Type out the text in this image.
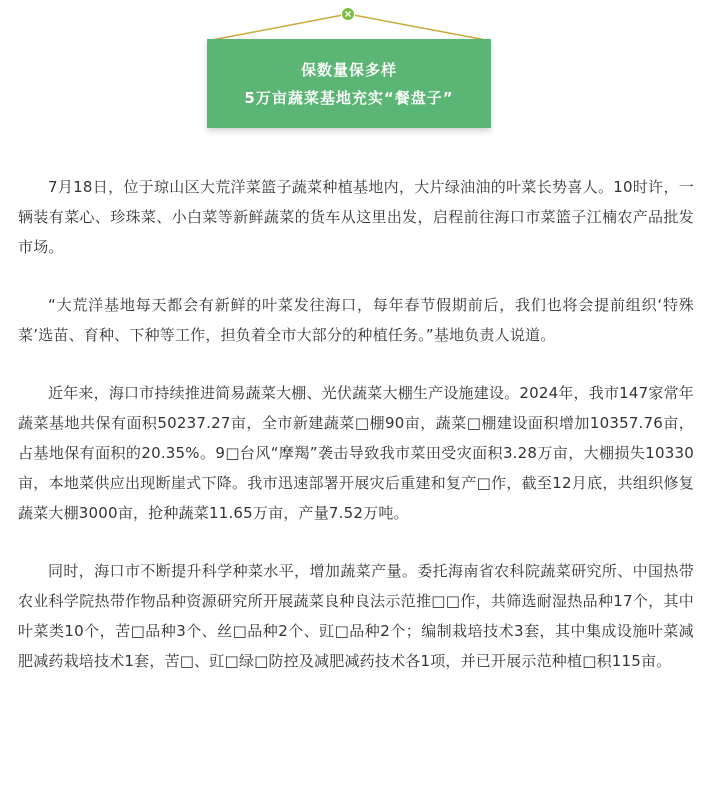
保数量保多样
5万亩蔬菜基地充实“餐盘子”

7月18日，位于琼山区大荒洋菜篮子蔬菜种植基地内，大片绿油油的叶菜长势喜人。10时许，一辆装有菜心、珍珠菜、小白菜等新鲜蔬菜的货车从这里出发，启程前往海口市菜篮子江楠农产品批发市场。

“大荒洋基地每天都会有新鲜的叶菜发往海口，每年春节假期前后，我们也将会提前组织‘特殊菜’选苗、育种、下种等工作，担负着全市大部分的种植任务。”基地负责人说道。

近年来，海口市持续推进简易蔬菜大棚、光伏蔬菜大棚生产设施建设。2024年，我市147家常年蔬菜基地共保有面积50237.27亩，全市新建蔬菜□棚90亩，蔬菜□棚建设面积增加10357.76亩，占基地保有面积的20.35%。9□台风“摩羯”袭击导致我市菜田受灾面积3.28万亩，大棚损失10330亩，本地菜供应出现断崖式下降。我市迅速部署开展灾后重建和复产□作，截至12月底，共组织修复蔬菜大棚3000亩，抢种蔬菜11.65万亩，产量7.52万吨。

同时，海口市不断提升科学种菜水平，增加蔬菜产量。委托海南省农科院蔬菜研究所、中国热带农业科学院热带作物品种资源研究所开展蔬菜良种良法示范推□□作，共筛选耐湿热品种17个，其中叶菜类10个，苦□品种3个、丝□品种2个、豇□品种2个；编制栽培技术3套，其中集成设施叶菜减肥减药栽培技术1套，苦□、豇□绿□防控及减肥减药技术各1项，并已开展示范种植□积115亩。
